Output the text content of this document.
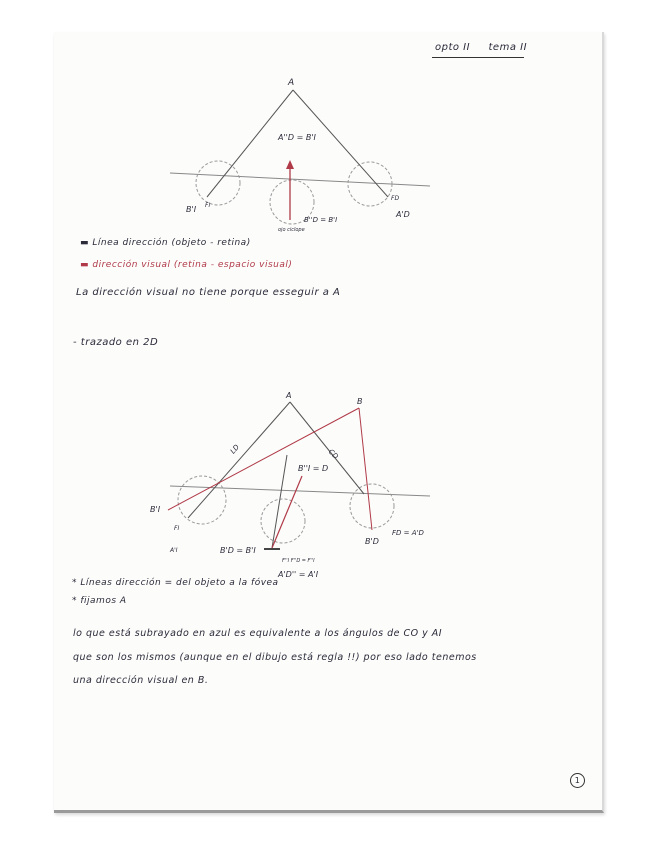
opto II tema II
A
A''D = B'I
B'I FI
FD
A'D
B''D = B'I
ojo ciclope
A
B
LD	CD
B''I = D
B'I
FI
A'I
FD = A'D
B'D
B'D = B'I
F''I F''D = F''I
A'D'' = A'I
▬ Línea dirección (objeto - retina)
▬ dirección visual (retina - espacio visual)
La dirección visual no tiene porque esseguir a A
- trazado en 2D
* Líneas dirección = del objeto a la fóvea
* fijamos A
lo que está subrayado en azul es equivalente a los ángulos de CO y AI
que son los mismos (aunque en el dibujo está regla !!) por eso lado tenemos
una dirección visual en B.
1
